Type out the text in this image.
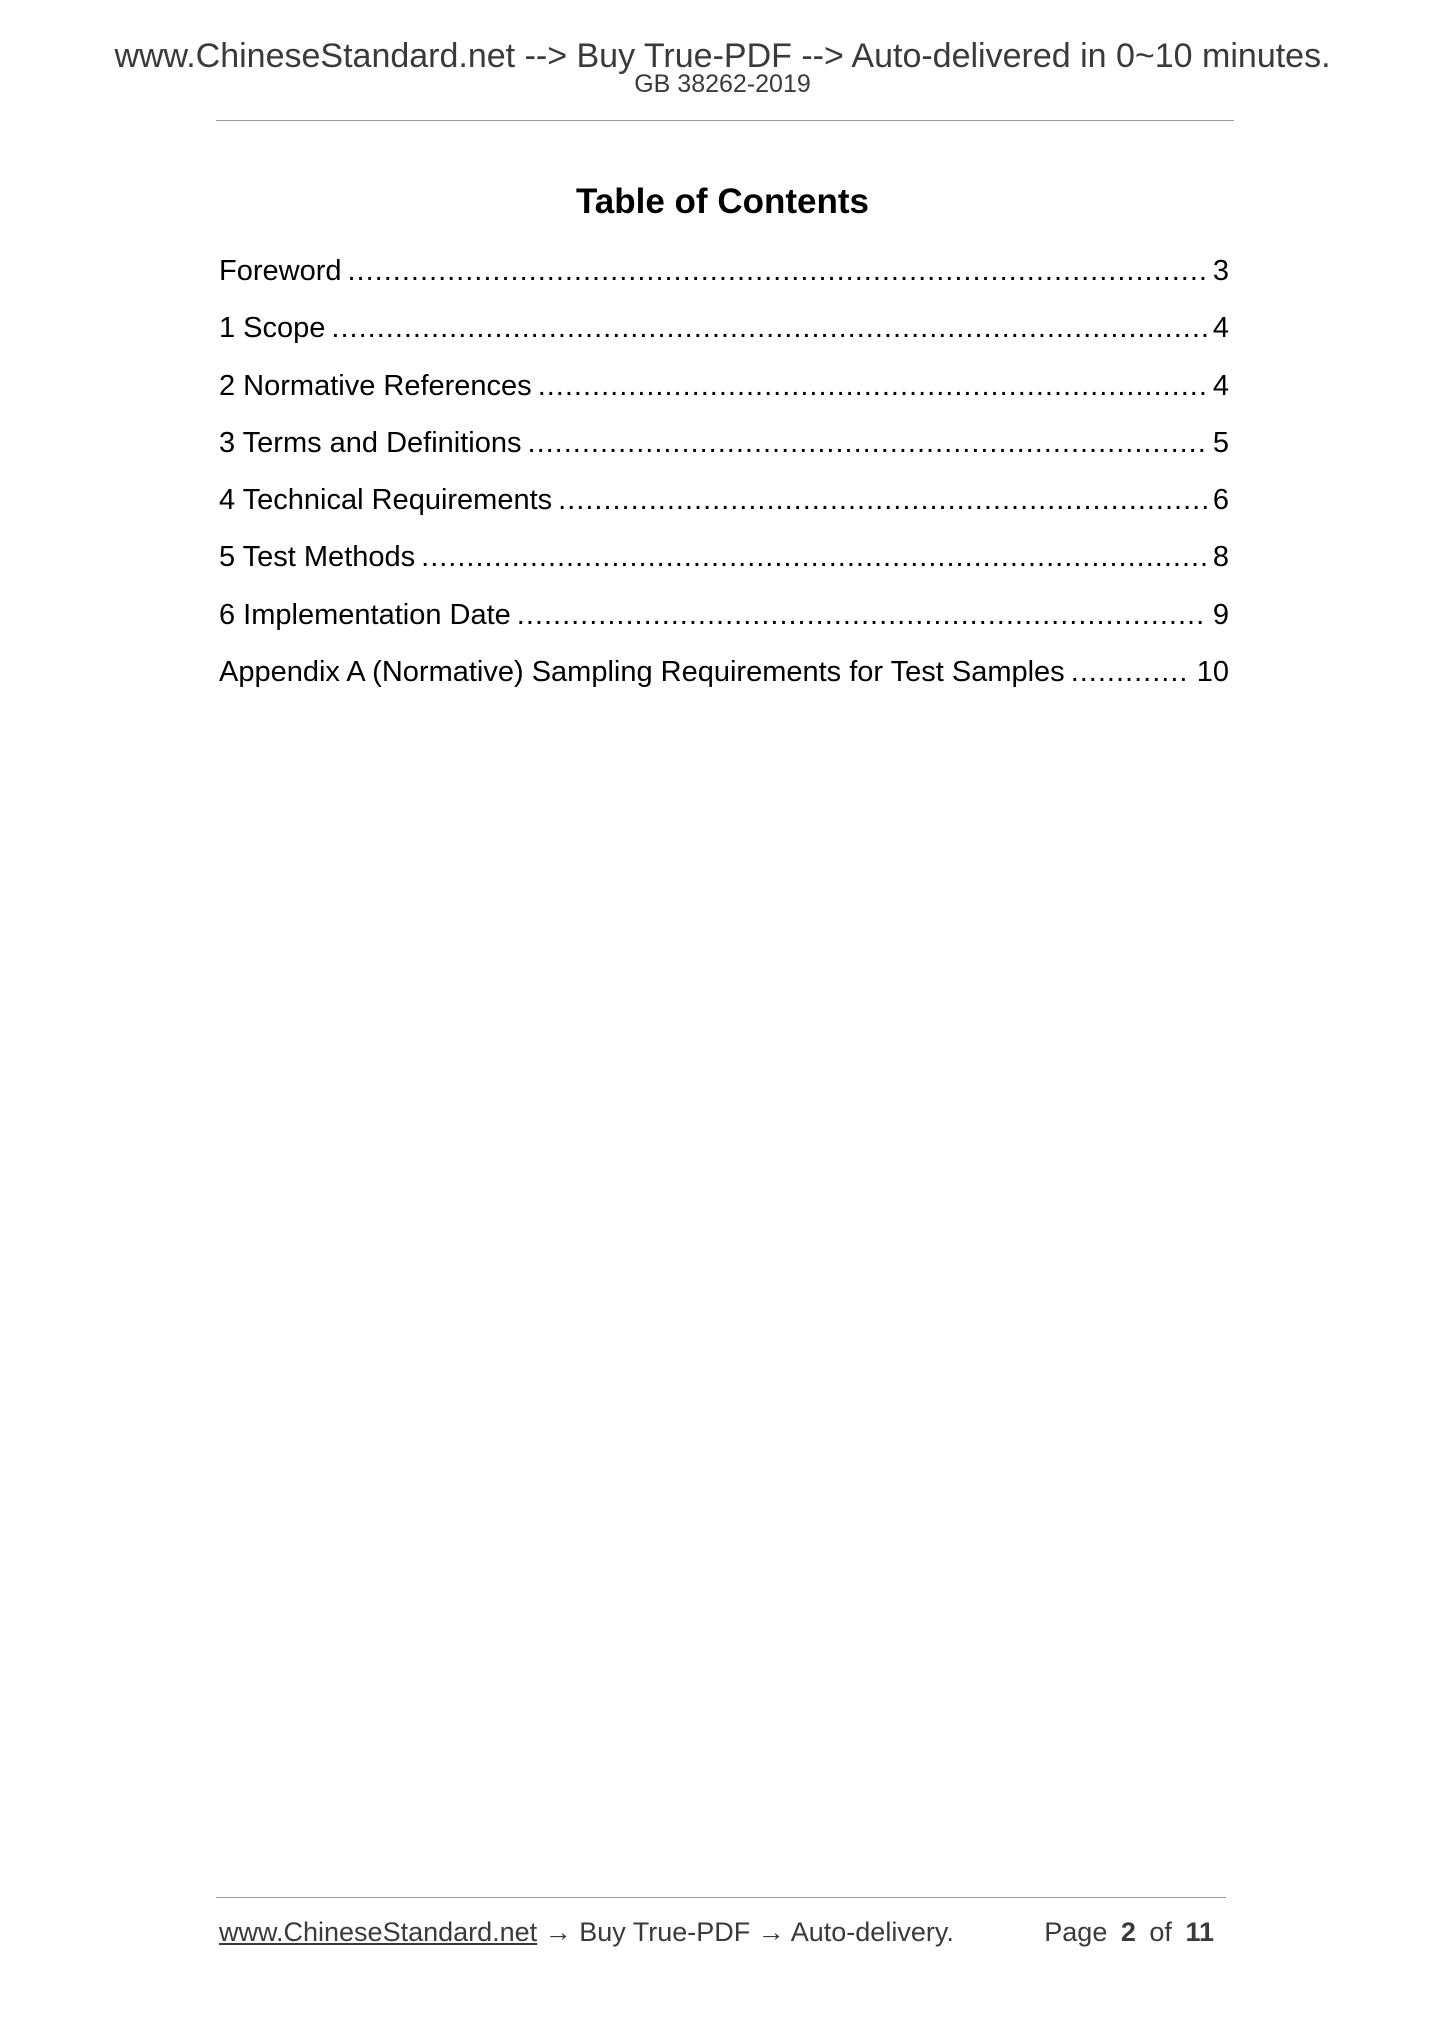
www.ChineseStandard.net --> Buy True-PDF --> Auto-delivered in 0~10 minutes.
GB 38262-2019
Table of Contents
Foreword .....	3
1 Scope .....	4
2 Normative References .....	4
3 Terms and Definitions .....	5
4 Technical Requirements .....	6
5 Test Methods .....	8
6 Implementation Date .....	9
Appendix A (Normative) Sampling Requirements for Test Samples .....	10
www.ChineseStandard.net → Buy True-PDF → Auto-delivery.	Page 2 of 11
